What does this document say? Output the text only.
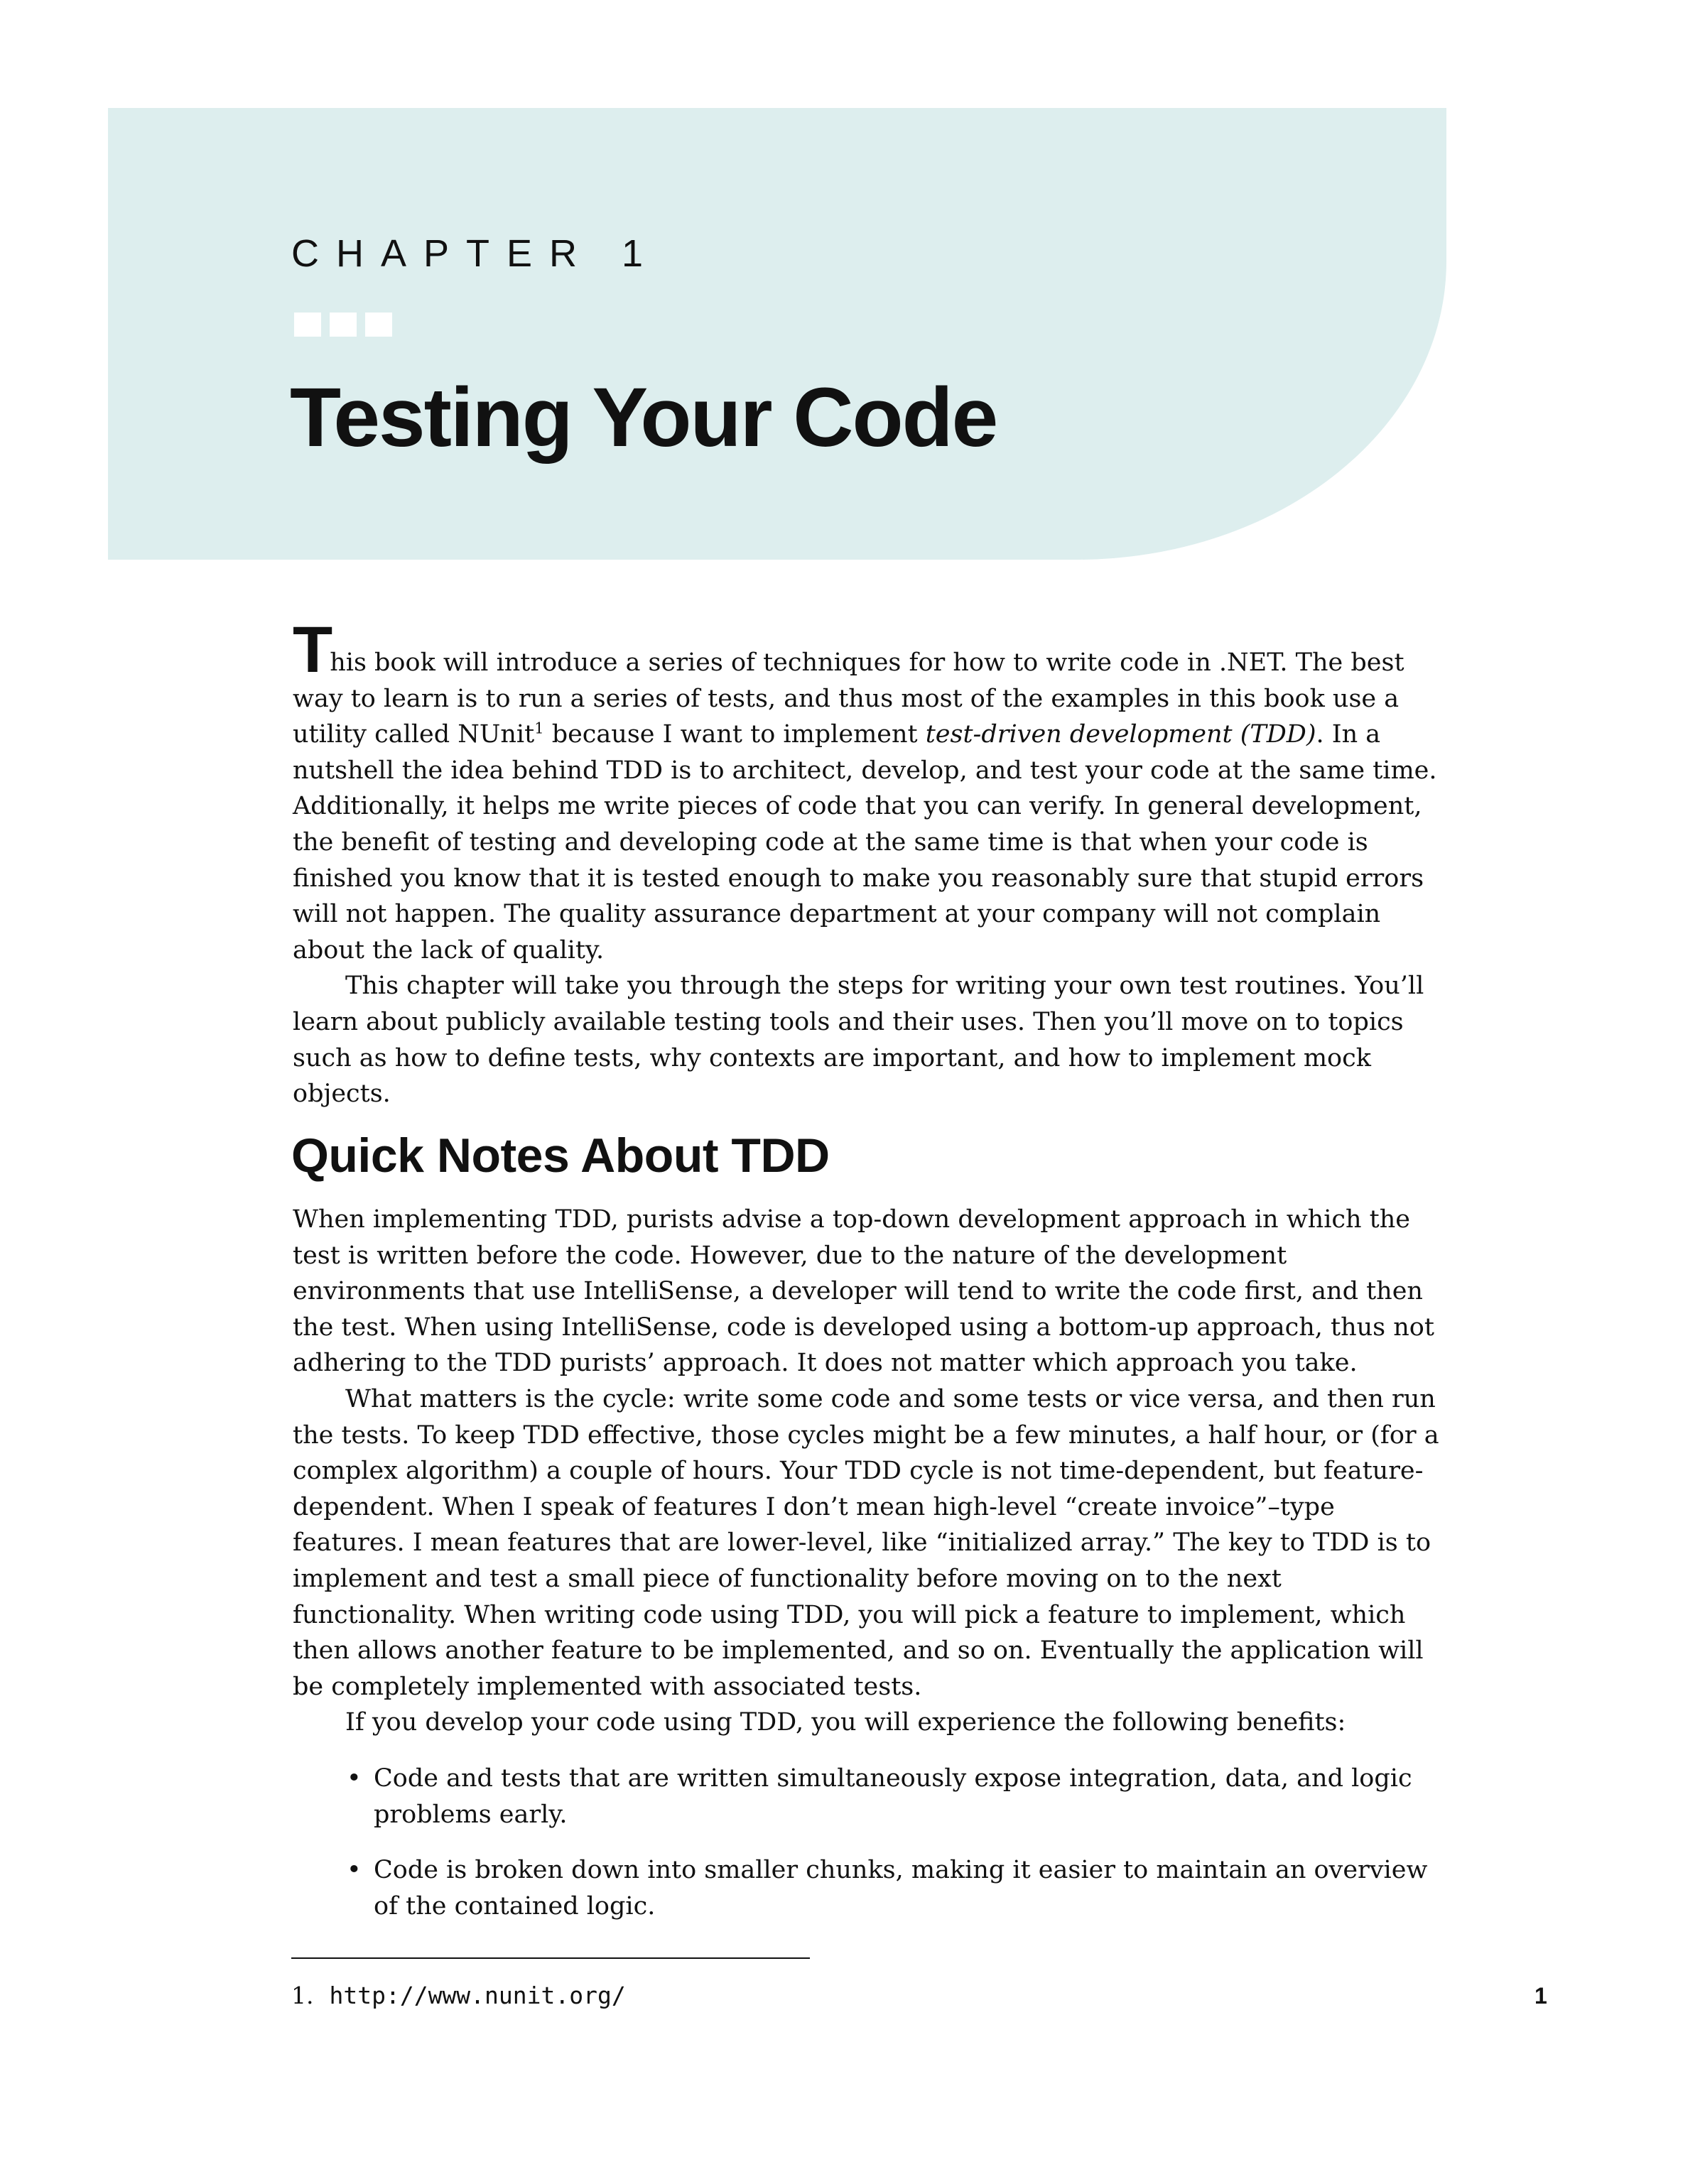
CHAPTER 1
Testing Your Code

This book will introduce a series of techniques for how to write code in .NET. The best way to learn is to run a series of tests, and thus most of the examples in this book use a utility called NUnit$^1$ because I want to implement test-driven development (TDD). In a nutshell the idea behind TDD is to architect, develop, and test your code at the same time. Additionally, it helps me write pieces of code that you can verify. In general development, the benefit of testing and developing code at the same time is that when your code is finished you know that it is tested enough to make you reasonably sure that stupid errors will not happen. The quality assurance department at your company will not complain about the lack of quality.

This chapter will take you through the steps for writing your own test routines. You’ll learn about publicly available testing tools and their uses. Then you’ll move on to topics such as how to define tests, why contexts are important, and how to implement mock objects.

Quick Notes About TDD

When implementing TDD, purists advise a top-down development approach in which the test is written before the code. However, due to the nature of the development environments that use IntelliSense, a developer will tend to write the code first, and then the test. When using IntelliSense, code is developed using a bottom-up approach, thus not adhering to the TDD purists’ approach. It does not matter which approach you take.

What matters is the cycle: write some code and some tests or vice versa, and then run the tests. To keep TDD effective, those cycles might be a few minutes, a half hour, or (for a complex algorithm) a couple of hours. Your TDD cycle is not time-dependent, but feature-dependent. When I speak of features I don’t mean high-level “create invoice”–type features. I mean features that are lower-level, like “initialized array.” The key to TDD is to implement and test a small piece of functionality before moving on to the next functionality. When writing code using TDD, you will pick a feature to implement, which then allows another feature to be implemented, and so on. Eventually the application will be completely implemented with associated tests.

If you develop your code using TDD, you will experience the following benefits:

• Code and tests that are written simultaneously expose integration, data, and logic problems early.
• Code is broken down into smaller chunks, making it easier to maintain an overview of the contained logic.
1. http://www.nunit.org/	1
